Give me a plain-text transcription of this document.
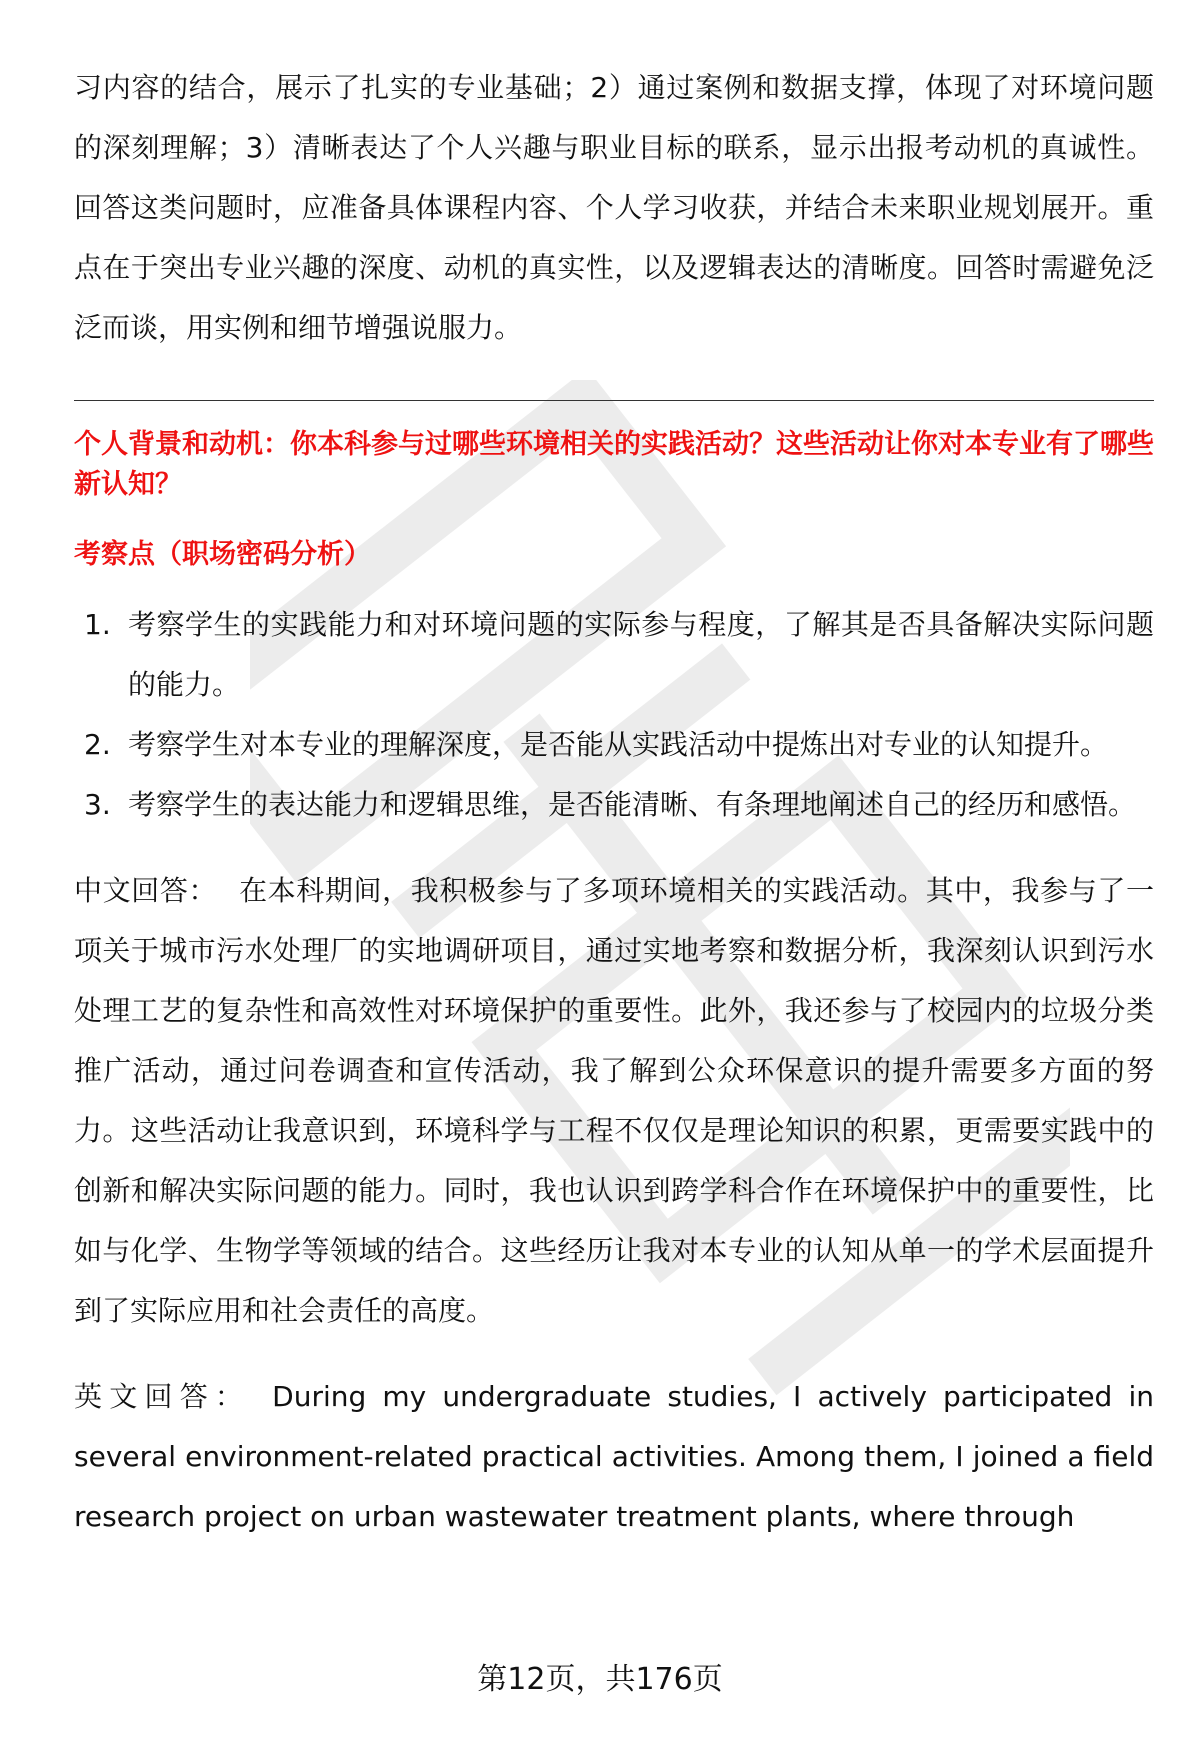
习内容的结合，展示了扎实的专业基础；2）通过案例和数据支撑，体现了对环境问题的深刻理解；3）清晰表达了个人兴趣与职业目标的联系，显示出报考动机的真诚性。回答这类问题时，应准备具体课程内容、个人学习收获，并结合未来职业规划展开。重点在于突出专业兴趣的深度、动机的真实性，以及逻辑表达的清晰度。回答时需避免泛泛而谈，用实例和细节增强说服力。

个人背景和动机：你本科参与过哪些环境相关的实践活动？这些活动让你对本专业有了哪些新认知？

考察点（职场密码分析）

1. 考察学生的实践能力和对环境问题的实际参与程度，了解其是否具备解决实际问题的能力。
2. 考察学生对本专业的理解深度，是否能从实践活动中提炼出对专业的认知提升。
3. 考察学生的表达能力和逻辑思维，是否能清晰、有条理地阐述自己的经历和感悟。

中文回答： 在本科期间，我积极参与了多项环境相关的实践活动。其中，我参与了一项关于城市污水处理厂的实地调研项目，通过实地考察和数据分析，我深刻认识到污水处理工艺的复杂性和高效性对环境保护的重要性。此外，我还参与了校园内的垃圾分类推广活动，通过问卷调查和宣传活动，我了解到公众环保意识的提升需要多方面的努力。这些活动让我意识到，环境科学与工程不仅仅是理论知识的积累，更需要实践中的创新和解决实际问题的能力。同时，我也认识到跨学科合作在环境保护中的重要性，比如与化学、生物学等领域的结合。这些经历让我对本专业的认知从单一的学术层面提升到了实际应用和社会责任的高度。

英文回答： During my undergraduate studies, I actively participated in several environment-related practical activities. Among them, I joined a field research project on urban wastewater treatment plants, where through

第12页，共176页
